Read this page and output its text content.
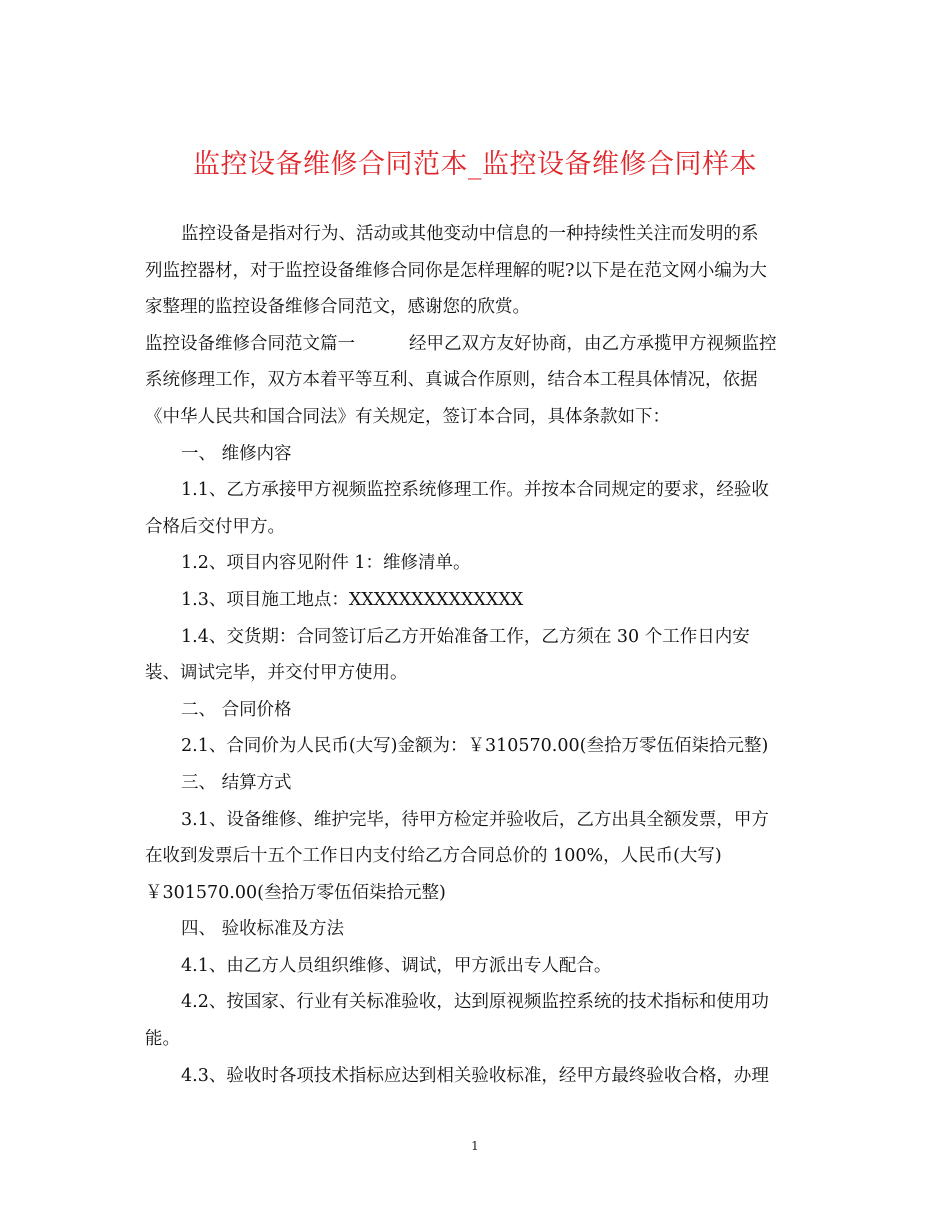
监控设备维修合同范本_监控设备维修合同样本

监控设备是指对行为、活动或其他变动中信息的一种持续性关注而发明的系

列监控器材，对于监控设备维修合同你是怎样理解的呢?以下是在范文网小编为大

家整理的监控设备维修合同范文，感谢您的欣赏。

监控设备维修合同范文篇一	经甲乙双方友好协商，由乙方承揽甲方视频监控

系统修理工作，双方本着平等互利、真诚合作原则，结合本工程具体情况，依据

《中华人民共和国合同法》有关规定，签订本合同，具体条款如下：

一、 维修内容

1.1、乙方承接甲方视频监控系统修理工作。并按本合同规定的要求，经验收

合格后交付甲方。

1.2、项目内容见附件 1：维修清单。

1.3、项目施工地点：XXXXXXXXXXXXXX

1.4、交货期：合同签订后乙方开始准备工作，乙方须在 30 个工作日内安

装、调试完毕，并交付甲方使用。

二、 合同价格

2.1、合同价为人民币(大写)金额为：￥310570.00(叁拾万零伍佰柒拾元整)

三、 结算方式

3.1、设备维修、维护完毕，待甲方检定并验收后，乙方出具全额发票，甲方

在收到发票后十五个工作日内支付给乙方合同总价的 100%，人民币(大写)

￥301570.00(叁拾万零伍佰柒拾元整)

四、 验收标准及方法

4.1、由乙方人员组织维修、调试，甲方派出专人配合。

4.2、按国家、行业有关标准验收，达到原视频监控系统的技术指标和使用功

能。

4.3、验收时各项技术指标应达到相关验收标准，经甲方最终验收合格，办理

1
